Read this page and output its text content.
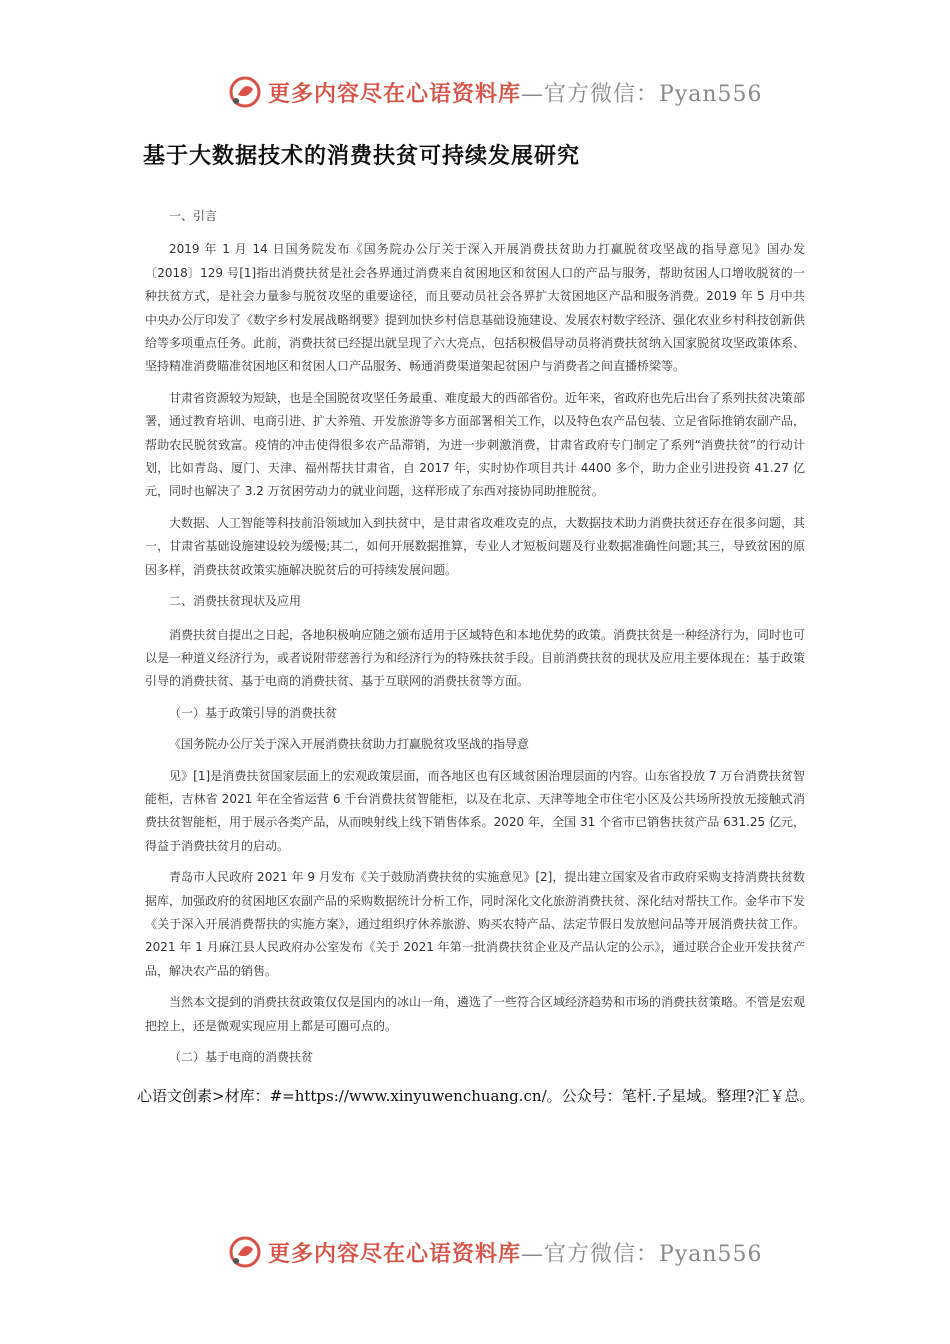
更多内容尽在心语资料库—官方微信：Pyan556
基于大数据技术的消费扶贫可持续发展研究

一、引言

2019 年 1 月 14 日国务院发布《国务院办公厅关于深入开展消费扶贫助力打赢脱贫攻坚战的指导意见》国办发〔2018〕129 号[1]指出消费扶贫是社会各界通过消费来自贫困地区和贫困人口的产品与服务，帮助贫困人口增收脱贫的一种扶贫方式，是社会力量参与脱贫攻坚的重要途径，而且要动员社会各界扩大贫困地区产品和服务消费。2019 年 5 月中共中央办公厅印发了《数字乡村发展战略纲要》提到加快乡村信息基础设施建设、发展农村数字经济、强化农业乡村科技创新供给等多项重点任务。此前，消费扶贫已经提出就呈现了六大亮点，包括积极倡导动员将消费扶贫纳入国家脱贫攻坚政策体系、坚持精准消费瞄准贫困地区和贫困人口产品服务、畅通消费渠道架起贫困户与消费者之间直播桥梁等。

甘肃省资源较为短缺，也是全国脱贫攻坚任务最重、难度最大的西部省份。近年来，省政府也先后出台了系列扶贫决策部署，通过教育培训、电商引进、扩大养殖、开发旅游等多方面部署相关工作，以及特色农产品包装、立足省际推销农副产品，帮助农民脱贫致富。疫情的冲击使得很多农产品滞销，为进一步刺激消费，甘肃省政府专门制定了系列“消费扶贫”的行动计划，比如青岛、厦门、天津、福州帮扶甘肃省，自 2017 年，实时协作项目共计 4400 多个，助力企业引进投资 41.27 亿元，同时也解决了 3.2 万贫困劳动力的就业问题，这样形成了东西对接协同助推脱贫。

大数据、人工智能等科技前沿领域加入到扶贫中，是甘肃省攻难攻克的点，大数据技术助力消费扶贫还存在很多问题，其一，甘肃省基础设施建设较为缓慢;其二，如何开展数据推算，专业人才短板问题及行业数据准确性问题;其三，导致贫困的原因多样，消费扶贫政策实施解决脱贫后的可持续发展问题。

二、消费扶贫现状及应用

消费扶贫自提出之日起，各地积极响应随之颁布适用于区域特色和本地优势的政策。消费扶贫是一种经济行为，同时也可以是一种道义经济行为，或者说附带慈善行为和经济行为的特殊扶贫手段。目前消费扶贫的现状及应用主要体现在：基于政策引导的消费扶贫、基于电商的消费扶贫、基于互联网的消费扶贫等方面。

（一）基于政策引导的消费扶贫

《国务院办公厅关于深入开展消费扶贫助力打赢脱贫攻坚战的指导意

见》[1]是消费扶贫国家层面上的宏观政策层面，而各地区也有区域贫困治理层面的内容。山东省投放 7 万台消费扶贫智能柜，吉林省 2021 年在全省运营 6 千台消费扶贫智能柜，以及在北京、天津等地全市住宅小区及公共场所投放无接触式消费扶贫智能柜，用于展示各类产品，从而映射线上线下销售体系。2020 年，全国 31 个省市已销售扶贫产品 631.25 亿元，得益于消费扶贫月的启动。

青岛市人民政府 2021 年 9 月发布《关于鼓励消费扶贫的实施意见》[2]，提出建立国家及省市政府采购支持消费扶贫数据库，加强政府的贫困地区农副产品的采购数据统计分析工作，同时深化文化旅游消费扶贫、深化结对帮扶工作。金华市下发《关于深入开展消费帮扶的实施方案》，通过组织疗休养旅游、购买农特产品、法定节假日发放慰问品等开展消费扶贫工作。2021 年 1 月麻江县人民政府办公室发布《关于 2021 年第一批消费扶贫企业及产品认定的公示》，通过联合企业开发扶贫产品，解决农产品的销售。

当然本文提到的消费扶贫政策仅仅是国内的冰山一角，遴选了一些符合区域经济趋势和市场的消费扶贫策略。不管是宏观把控上，还是微观实现应用上都是可圈可点的。

（二）基于电商的消费扶贫

心语文创素>材库：#=https://www.xinyuwenchuang.cn/。公众号：笔杆.子星域。整理?汇￥总。
更多内容尽在心语资料库—官方微信：Pyan556
